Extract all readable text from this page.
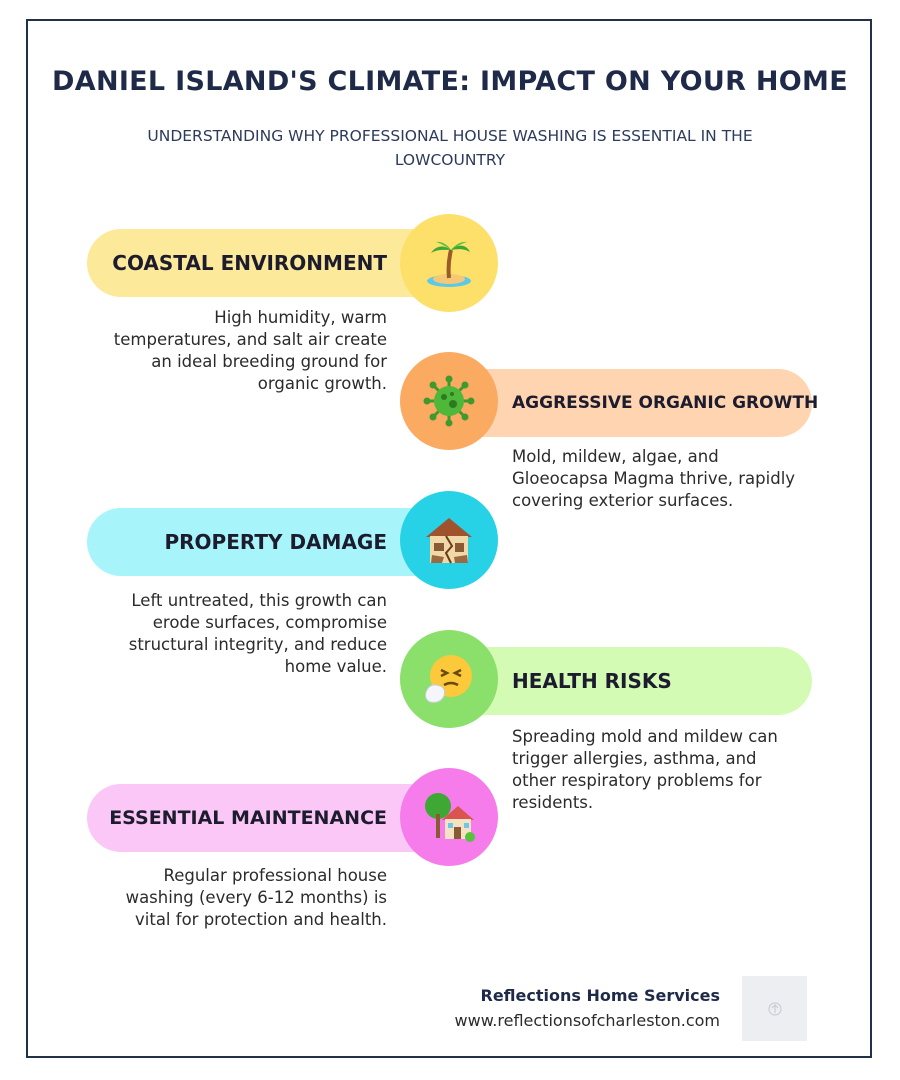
DANIEL ISLAND'S CLIMATE: IMPACT ON YOUR HOME
UNDERSTANDING WHY PROFESSIONAL HOUSE WASHING IS ESSENTIAL IN THE LOWCOUNTRY
COASTAL ENVIRONMENT
High humidity, warm temperatures, and salt air create an ideal breeding ground for organic growth.
AGGRESSIVE ORGANIC GROWTH
Mold, mildew, algae, and Gloeocapsa Magma thrive, rapidly covering exterior surfaces.
PROPERTY DAMAGE
Left untreated, this growth can erode surfaces, compromise structural integrity, and reduce home value.
HEALTH RISKS
Spreading mold and mildew can trigger allergies, asthma, and other respiratory problems for residents.
ESSENTIAL MAINTENANCE
Regular professional house washing (every 6-12 months) is vital for protection and health.
Reflections Home Services
www.reflectionsofcharleston.com
